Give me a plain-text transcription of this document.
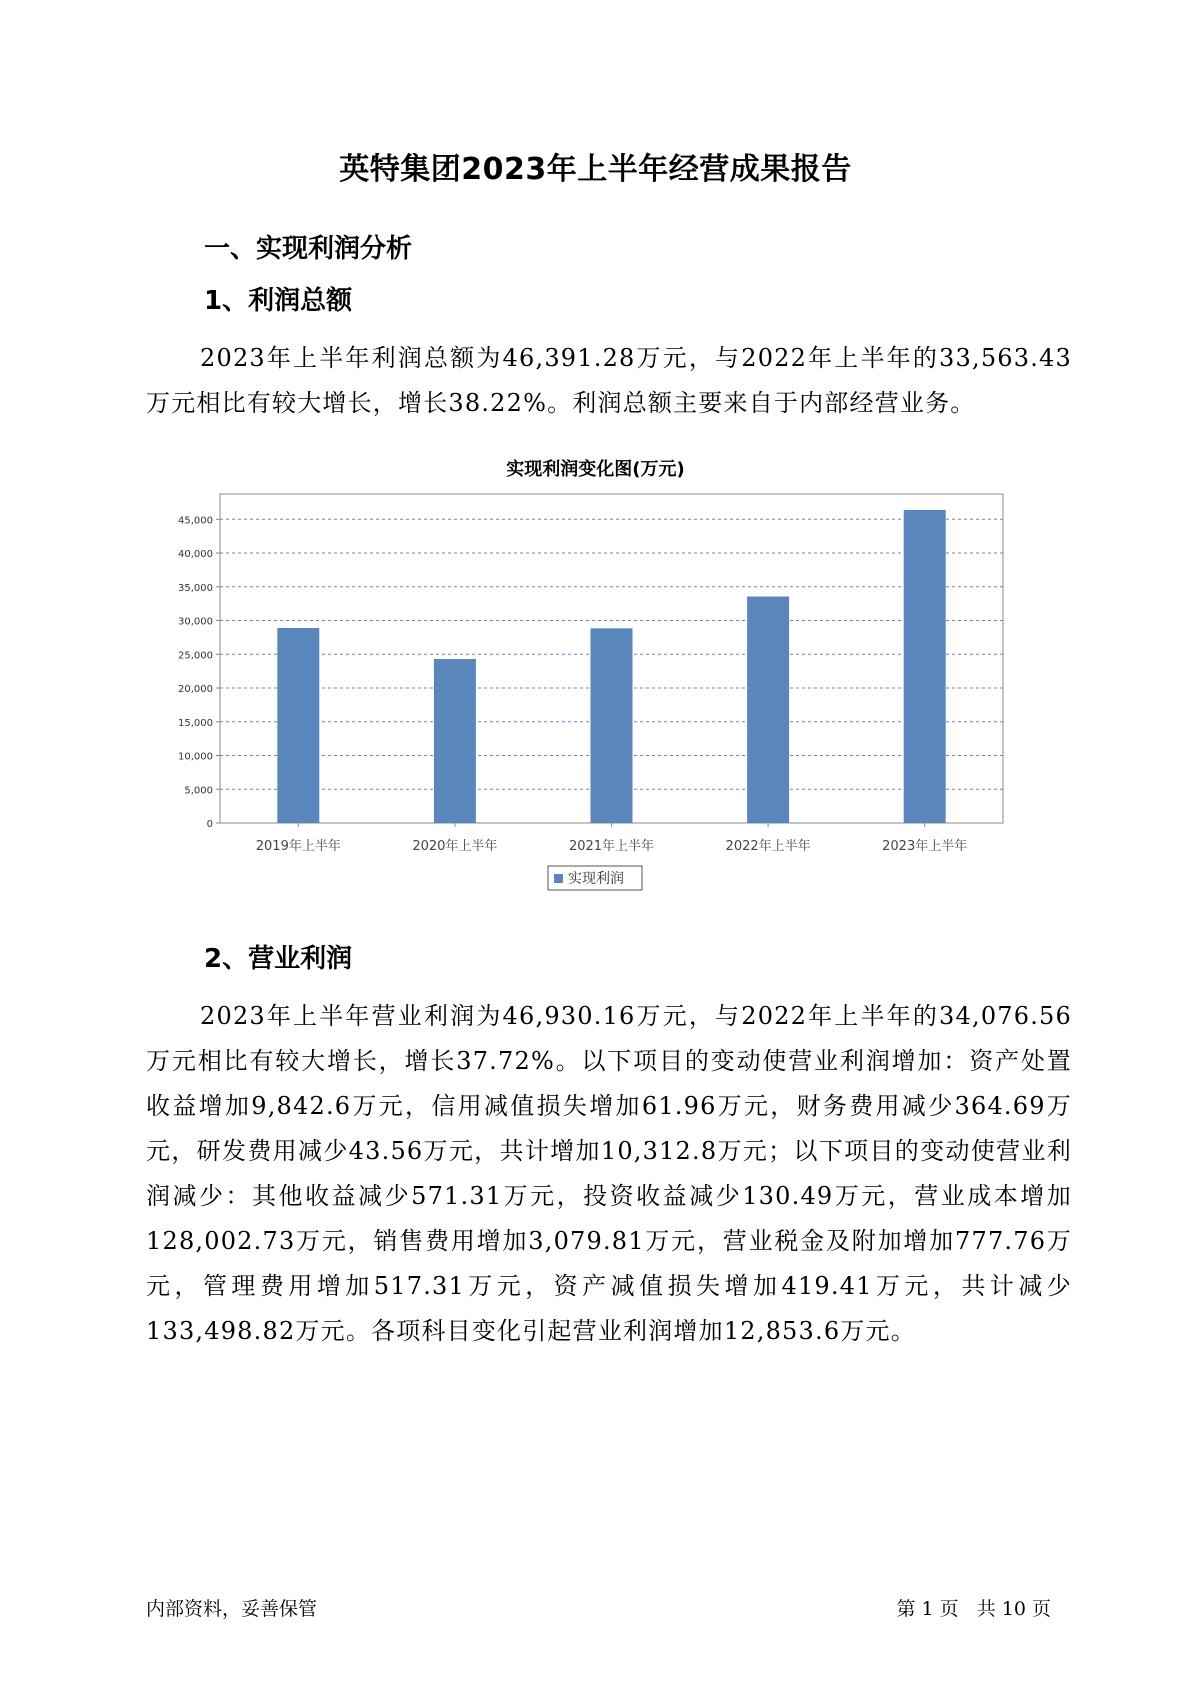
英特集团2023年上半年经营成果报告
一、实现利润分析
1、利润总额

2023年上半年利润总额为46,391.28万元，与2022年上半年的33,563.43万元相比有较大增长，增长38.22%。利润总额主要来自于内部经营业务。

实现利润变化图(万元)
0
5,000
10,000
15,000
20,000
25,000
30,000
35,000
40,000
45,000
2019年上半年	2020年上半年	2021年上半年	2022年上半年	2023年上半年
实现利润
2、营业利润

2023年上半年营业利润为46,930.16万元，与2022年上半年的34,076.56万元相比有较大增长，增长37.72%。以下项目的变动使营业利润增加：资产处置收益增加9,842.6万元，信用减值损失增加61.96万元，财务费用减少364.69万元，研发费用减少43.56万元，共计增加10,312.8万元；以下项目的变动使营业利润减少：其他收益减少571.31万元，投资收益减少130.49万元，营业成本增加128,002.73万元，销售费用增加3,079.81万元，营业税金及附加增加777.76万元，管理费用增加517.31万元，资产减值损失增加419.41万元，共计减少133,498.82万元。各项科目变化引起营业利润增加12,853.6万元。

内部资料，妥善保管	第 1 页   共 10 页
